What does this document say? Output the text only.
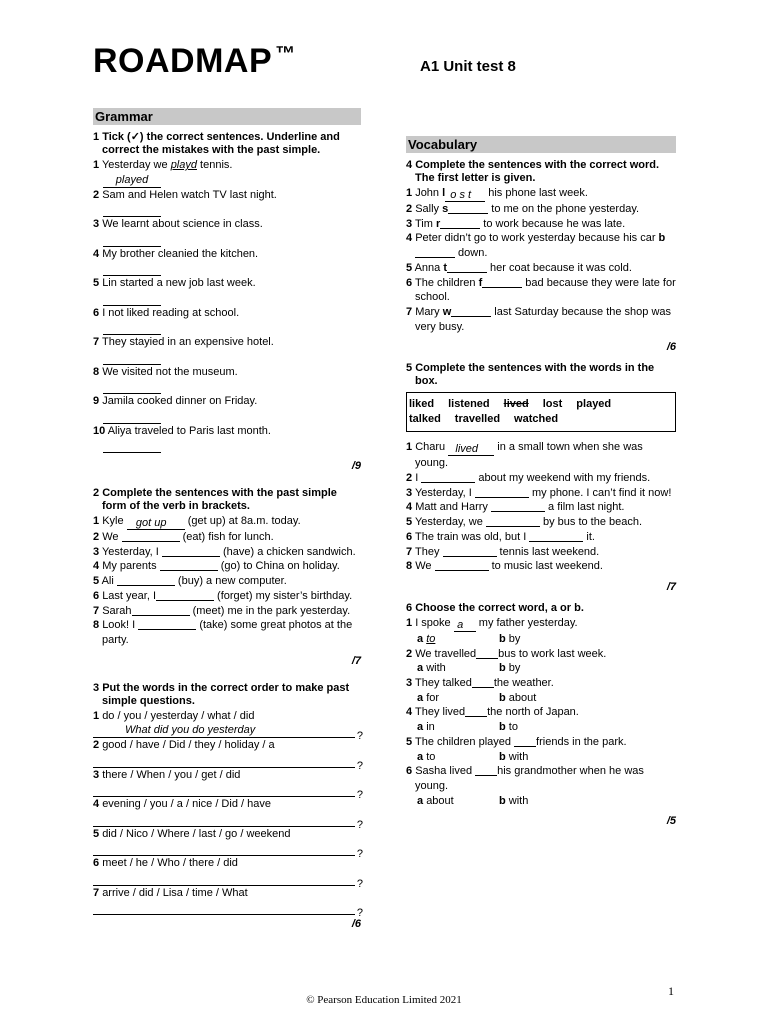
ROADMAP ™
A1 Unit test 8
Grammar
1 Tick (✓) the correct sentences. Underline and correct the mistakes with the past simple.
1 Yesterday we playd tennis.
played
2 Sam and Helen watch TV last night.
3 We learnt about science in class.
4 My brother cleanied the kitchen.
5 Lin started a new job last week.
6 I not liked reading at school.
7 They stayied in an expensive hotel.
8 We visited not the museum.
9 Jamila cooked dinner on Friday.
10 Aliya traveled to Paris last month.
/9
2 Complete the sentences with the past simple form of the verb in brackets.
1 Kyle got up (get up) at 8a.m. today.
2 We	(eat) fish for lunch.
3 Yesterday, I	(have) a chicken sandwich.
4 My parents	(go) to China on holiday.
5 Ali	(buy) a new computer.
6 Last year, I	(forget) my sister’s birthday.
7 Sarah	(meet) me in the park yesterday.
8 Look! I	(take) some great photos at the party.
/7
3 Put the words in the correct order to make past simple questions.
1 do / you / yesterday / what / did
What did you do yesterday	?
2 good / have / Did / they / holiday / a
?
3 there / When / you / get / did
?
4 evening / you / a / nice / Did / have
?
5 did / Nico / Where / last / go / weekend
?
6 meet / he / Who / there / did
?
7 arrive / did / Lisa / time / What
?
/6
Vocabulary
4 Complete the sentences with the correct word. The first letter is given.
1 John l o s t his phone last week.
2 Sally s	to me on the phone yesterday.
3 Tim r	to work because he was late.
4 Peter didn’t go to work yesterday because his car b down.
5 Anna t	her coat because it was cold.
6 The children f	bad because they were late for school.
7 Mary w	last Saturday because the shop was very busy.
/6
5 Complete the sentences with the words in the box.
liked listened lived lost played
talked travelled watched
1 Charu lived in a small town when she was young.
2 I	about my weekend with my friends.
3 Yesterday, I	my phone. I can’t find it now!
4 Matt and Harry	a film last night.
5 Yesterday, we	by bus to the beach.
6 The train was old, but I	it.
7 They	tennis last weekend.
8 We	to music last weekend.
/7
6 Choose the correct word, a or b.
1 I spoke a my father yesterday.
a to	b by
2 We travelled bus to work last week.
a with	b by
3 They talked the weather.
a for	b about
4 They lived the north of Japan.
a in	b to
5 The children played friends in the park.
a to	b with
6 Sasha lived his grandmother when he was young.
a about	b with
/5
1
© Pearson Education Limited 2021
